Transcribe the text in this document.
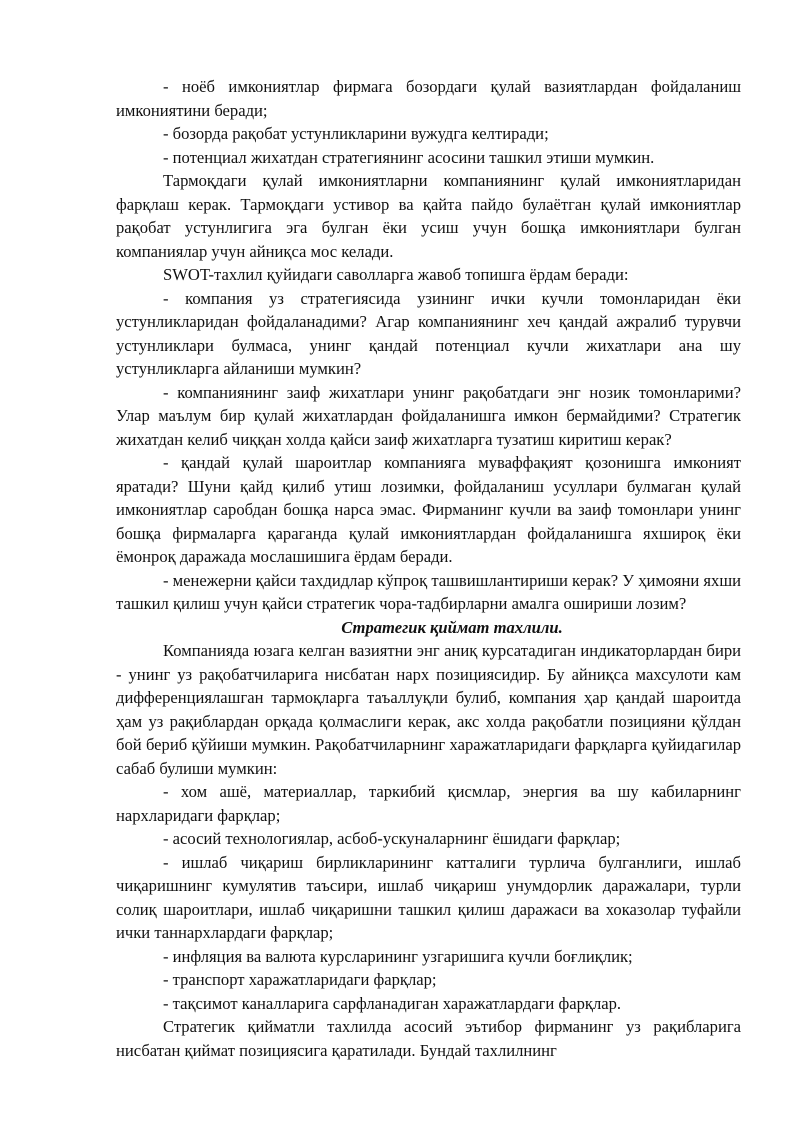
- ноёб имкониятлар фирмага бозордаги қулай вазиятлардан фойдаланиш имкониятини беради;

- бозорда рақобат устунликларини вужудга келтиради;

- потенциал жихатдан стратегиянинг асосини ташкил этиши мумкин.

Тармоқдаги қулай имкониятларни компаниянинг қулай имкониятларидан фарқлаш керак. Тармоқдаги устивор ва қайта пайдо булаётган қулай имкониятлар рақобат устунлигига эга булган ёки усиш учун бошқа имкониятлари булган компаниялар учун айниқса мос келади.

SWOT-тахлил қуйидаги саволларга жавоб топишга ёрдам беради:

- компания уз стратегиясида узининг ички кучли томонларидан ёки устунликларидан фойдаланадими? Агар компаниянинг хеч қандай ажралиб турувчи устунликлари булмаса, унинг қандай потенциал кучли жихатлари ана шу устунликларга айланиши мумкин?

- компаниянинг заиф жихатлари унинг рақобатдаги энг нозик томонларими? Улар маълум бир қулай жихатлардан фойдаланишга имкон бермайдими? Стратегик жихатдан келиб чиққан холда қайси заиф жихатларга тузатиш киритиш керак?

- қандай қулай шароитлар компанияга муваффақият қозонишга имконият яратади? Шуни қайд қилиб утиш лозимки, фойдаланиш усуллари булмаган қулай имкониятлар саробдан бошқа нарса эмас. Фирманинг кучли ва заиф томонлари унинг бошқа фирмаларга қараганда қулай имкониятлардан фойдаланишга яхшироқ ёки ёмонроқ даражада мослашишига ёрдам беради.

- менежерни қайси тахдидлар кўпроқ ташвишлантириши керак? У ҳимояни яхши ташкил қилиш учун қайси стратегик чора-тадбирларни амалга ошириши лозим?

Стратегик қиймат тахлили.

Компанияда юзага келган вазиятни энг аниқ курсатадиган индикаторлардан бири - унинг уз рақобатчиларига нисбатан нарх позициясидир. Бу айниқса махсулоти кам дифференциялашган тармоқларга таъаллуқли булиб, компания ҳар қандай шароитда ҳам уз рақиблардан орқада қолмаслиги керак, акс холда рақобатли позицияни қўлдан бой бериб қўйиши мумкин. Рақобатчиларнинг харажатларидаги фарқларга қуйидагилар сабаб булиши мумкин:

- хом ашё, материаллар, таркибий қисмлар, энергия ва шу кабиларнинг нархларидаги фарқлар;

- асосий технологиялар, асбоб-ускуналарнинг ёшидаги фарқлар;

- ишлаб чиқариш бирликларининг катталиги турлича булганлиги, ишлаб чиқаришнинг кумулятив таъсири, ишлаб чиқариш унумдорлик даражалари, турли солиқ шароитлари, ишлаб чиқаришни ташкил қилиш даражаси ва хоказолар туфайли ички таннархлардаги фарқлар;

- инфляция ва валюта курсларининг узгаришига кучли боғлиқлик;

- транспорт харажатларидаги фарқлар;

- тақсимот каналларига сарфланадиган харажатлардаги фарқлар.

Стратегик қийматли тахлилда асосий эътибор фирманинг уз рақибларига нисбатан қиймат позициясига қаратилади. Бундай тахлилнинг
